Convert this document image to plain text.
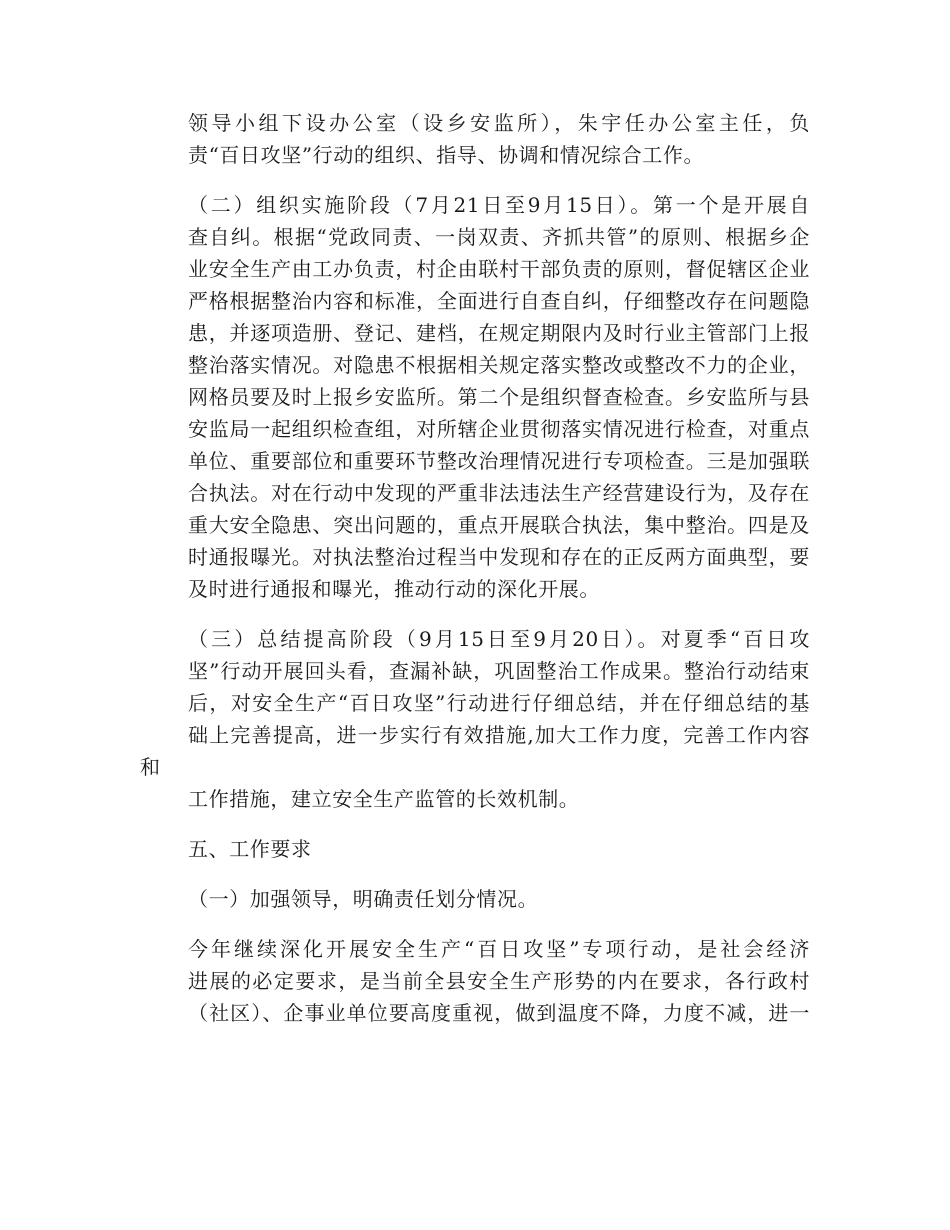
领导小组下设办公室（设乡安监所），朱宇任办公室主任，负
责“百日攻坚”行动的组织、指导、协调和情况综合工作。

（二）组织实施阶段（7月21日至9月15日）。第一个是开展自
查自纠。根据“党政同责、一岗双责、齐抓共管”的原则、根据乡企
业安全生产由工办负责，村企由联村干部负责的原则，督促辖区企业
严格根据整治内容和标准，全面进行自查自纠，仔细整改存在问题隐
患，并逐项造册、登记、建档，在规定期限内及时行业主管部门上报
整治落实情况。对隐患不根据相关规定落实整改或整改不力的企业，
网格员要及时上报乡安监所。第二个是组织督查检查。乡安监所与县
安监局一起组织检查组，对所辖企业贯彻落实情况进行检查，对重点
单位、重要部位和重要环节整改治理情况进行专项检查。三是加强联
合执法。对在行动中发现的严重非法违法生产经营建设行为，及存在
重大安全隐患、突出问题的，重点开展联合执法，集中整治。四是及
时通报曝光。对执法整治过程当中发现和存在的正反两方面典型，要
及时进行通报和曝光，推动行动的深化开展。

（三）总结提高阶段（9月15日至9月20日）。对夏季“百日攻
坚”行动开展回头看，查漏补缺，巩固整治工作成果。整治行动结束
后，对安全生产“百日攻坚”行动进行仔细总结，并在仔细总结的基
础上完善提高，进一步实行有效措施,加大工作力度，完善工作内容和
工作措施，建立安全生产监管的长效机制。

五、工作要求

（一）加强领导，明确责任划分情况。

今年继续深化开展安全生产“百日攻坚”专项行动，是社会经济
进展的必定要求，是当前全县安全生产形势的内在要求，各行政村
（社区）、企事业单位要高度重视，做到温度不降，力度不减，进一
